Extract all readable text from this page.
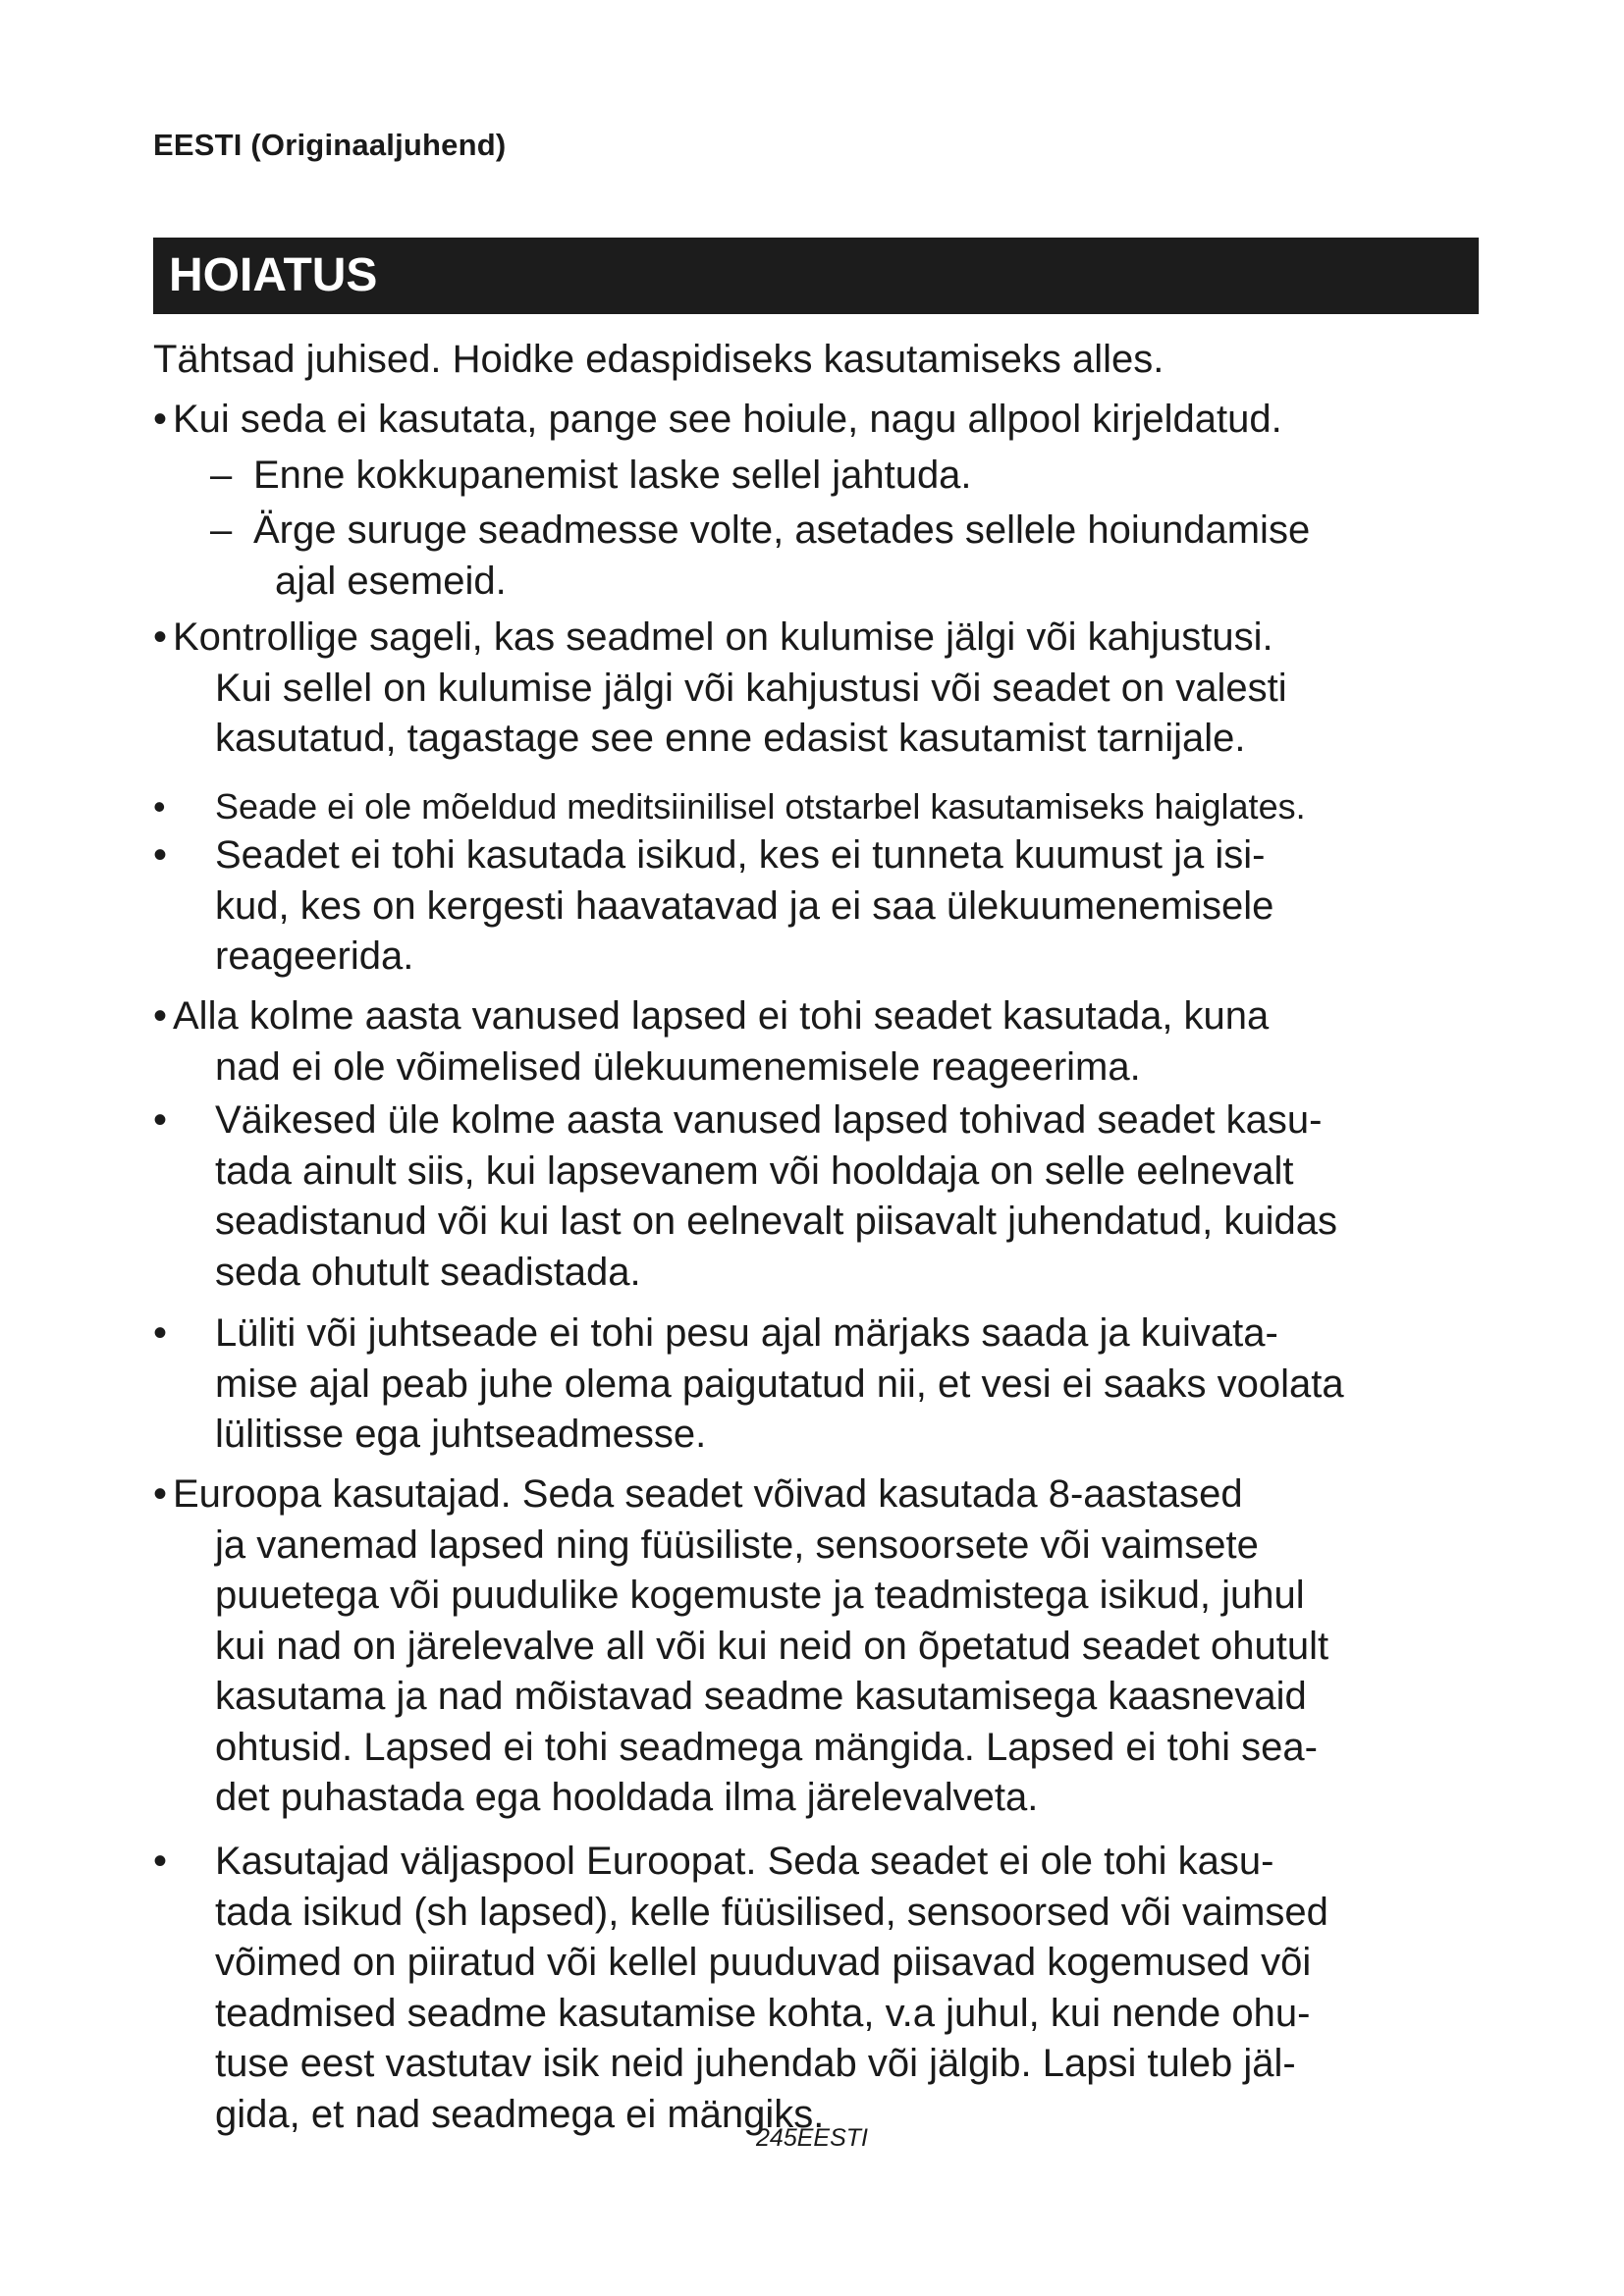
EESTI (Originaaljuhend)
HOIATUS
Tähtsad juhised. Hoidke edaspidiseks kasutamiseks alles.
• Kui seda ei kasutata, pange see hoiule, nagu allpool kirjeldatud.
– Enne kokkupanemist laske sellel jahtuda.
– Ärge suruge seadmesse volte, asetades sellele hoiundamise
ajal esemeid.
• Kontrollige sageli, kas seadmel on kulumise jälgi või kahjustusi.
Kui sellel on kulumise jälgi või kahjustusi või seadet on valesti
kasutatud, tagastage see enne edasist kasutamist tarnijale.
•	Seade ei ole mõeldud meditsiinilisel otstarbel kasutamiseks haiglates.
•	Seadet ei tohi kasutada isikud, kes ei tunneta kuumust ja isi-
kud, kes on kergesti haavatavad ja ei saa ülekuumenemisele
reageerida.
• Alla kolme aasta vanused lapsed ei tohi seadet kasutada, kuna
nad ei ole võimelised ülekuumenemisele reageerima.
•	Väikesed üle kolme aasta vanused lapsed tohivad seadet kasu-
tada ainult siis, kui lapsevanem või hooldaja on selle eelnevalt
seadistanud või kui last on eelnevalt piisavalt juhendatud, kuidas
seda ohutult seadistada.
•	Lüliti või juhtseade ei tohi pesu ajal märjaks saada ja kuivata-
mise ajal peab juhe olema paigutatud nii, et vesi ei saaks voolata
lülitisse ega juhtseadmesse.
• Euroopa kasutajad. Seda seadet võivad kasutada 8-aastased
ja vanemad lapsed ning füüsiliste, sensoorsete või vaimsete
puuetega või puudulike kogemuste ja teadmistega isikud, juhul
kui nad on järelevalve all või kui neid on õpetatud seadet ohutult
kasutama ja nad mõistavad seadme kasutamisega kaasnevaid
ohtusid. Lapsed ei tohi seadmega mängida. Lapsed ei tohi sea-
det puhastada ega hooldada ilma järelevalveta.
•	Kasutajad väljaspool Euroopat. Seda seadet ei ole tohi kasu-
tada isikud (sh lapsed), kelle füüsilised, sensoorsed või vaimsed
võimed on piiratud või kellel puuduvad piisavad kogemused või
teadmised seadme kasutamise kohta, v.a juhul, kui nende ohu-
tuse eest vastutav isik neid juhendab või jälgib. Lapsi tuleb jäl-
gida, et nad seadmega ei mängiks.
245EESTI
